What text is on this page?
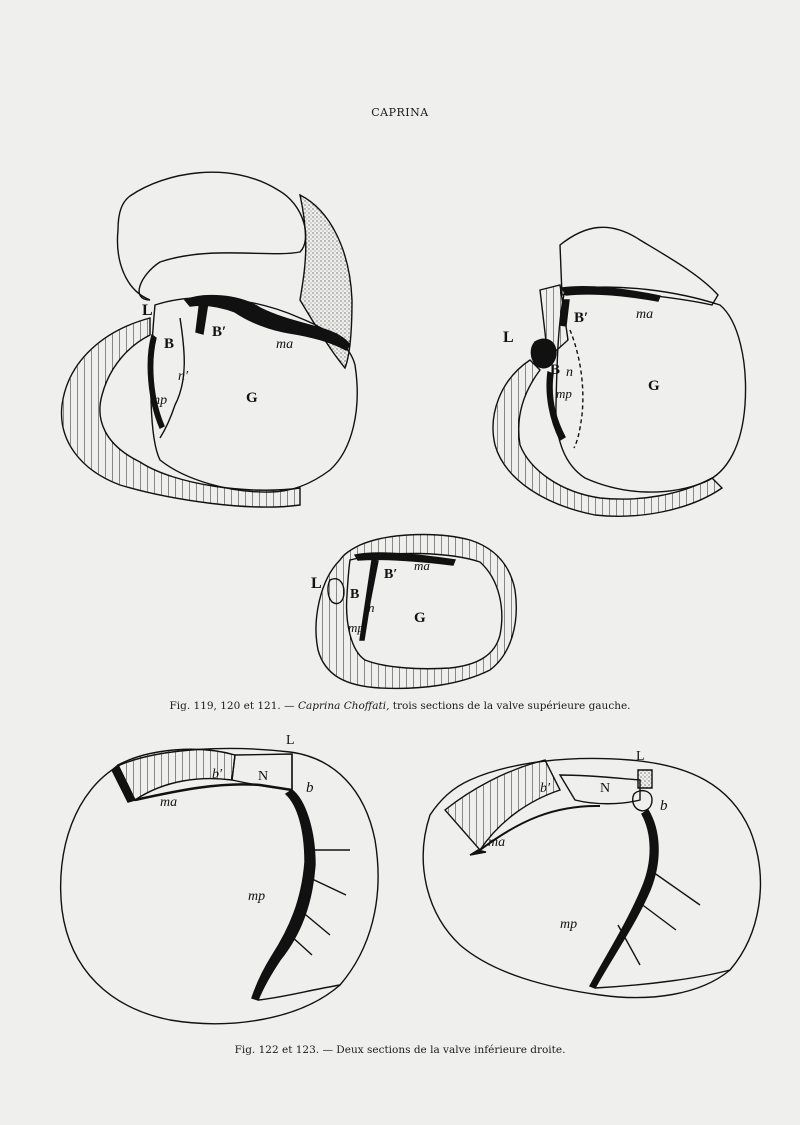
CAPRINA
L
B
B′
ma
n′
mp	G
L
B
B′	ma
n
mp	G
L
B
B′
ma
n
mp
G
L
b′	N
b
ma
mp
L
b′	N
b
ma
mp
Fig. 119, 120 et 121. — Caprina Choffati, trois sections de la valve supérieure gauche.
Fig. 122 et 123. — Deux sections de la valve inférieure droite.
